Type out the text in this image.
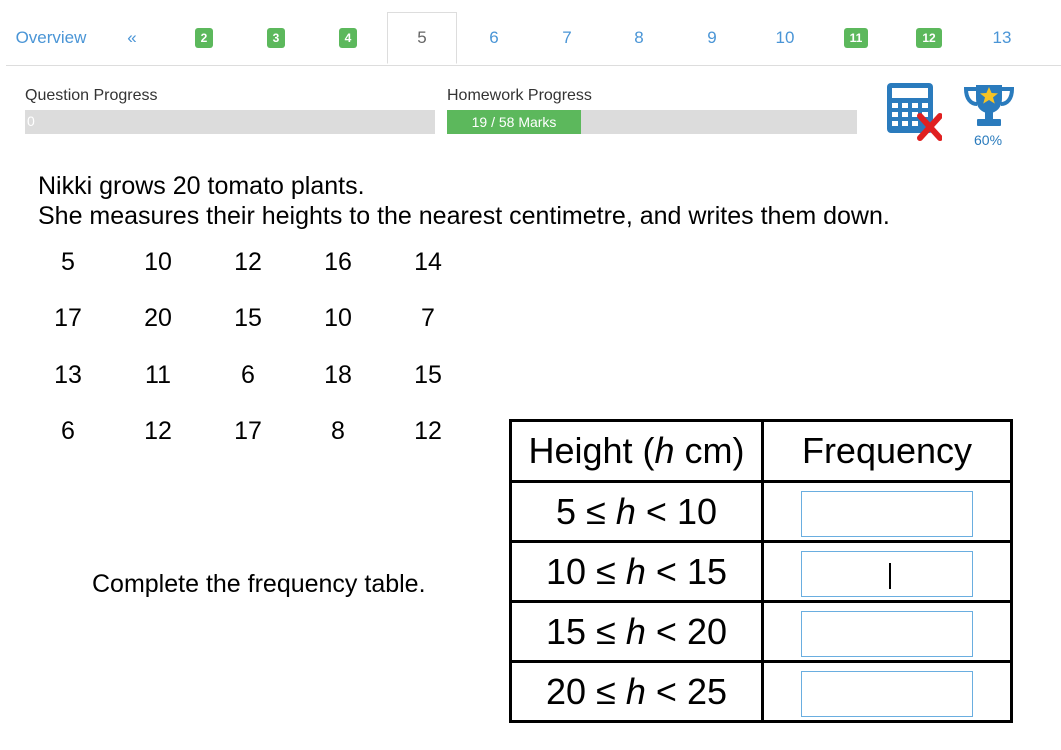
Overview «	2	3	4	5	6	7	8	9	10	11	12	13
Question Progress
0
Homework Progress
19 / 58 Marks
60%
Nikki grows 20 tomato plants.
She measures their heights to the nearest centimetre, and writes them down.
5	10	12	16	14
17	20	15	10	7
13	11	6	18	15
6	12	17	8	12
Complete the frequency table.
Height (h cm)	Frequency
5 ≤ h < 10	
10 ≤ h < 15	
15 ≤ h < 20	
20 ≤ h < 25	
